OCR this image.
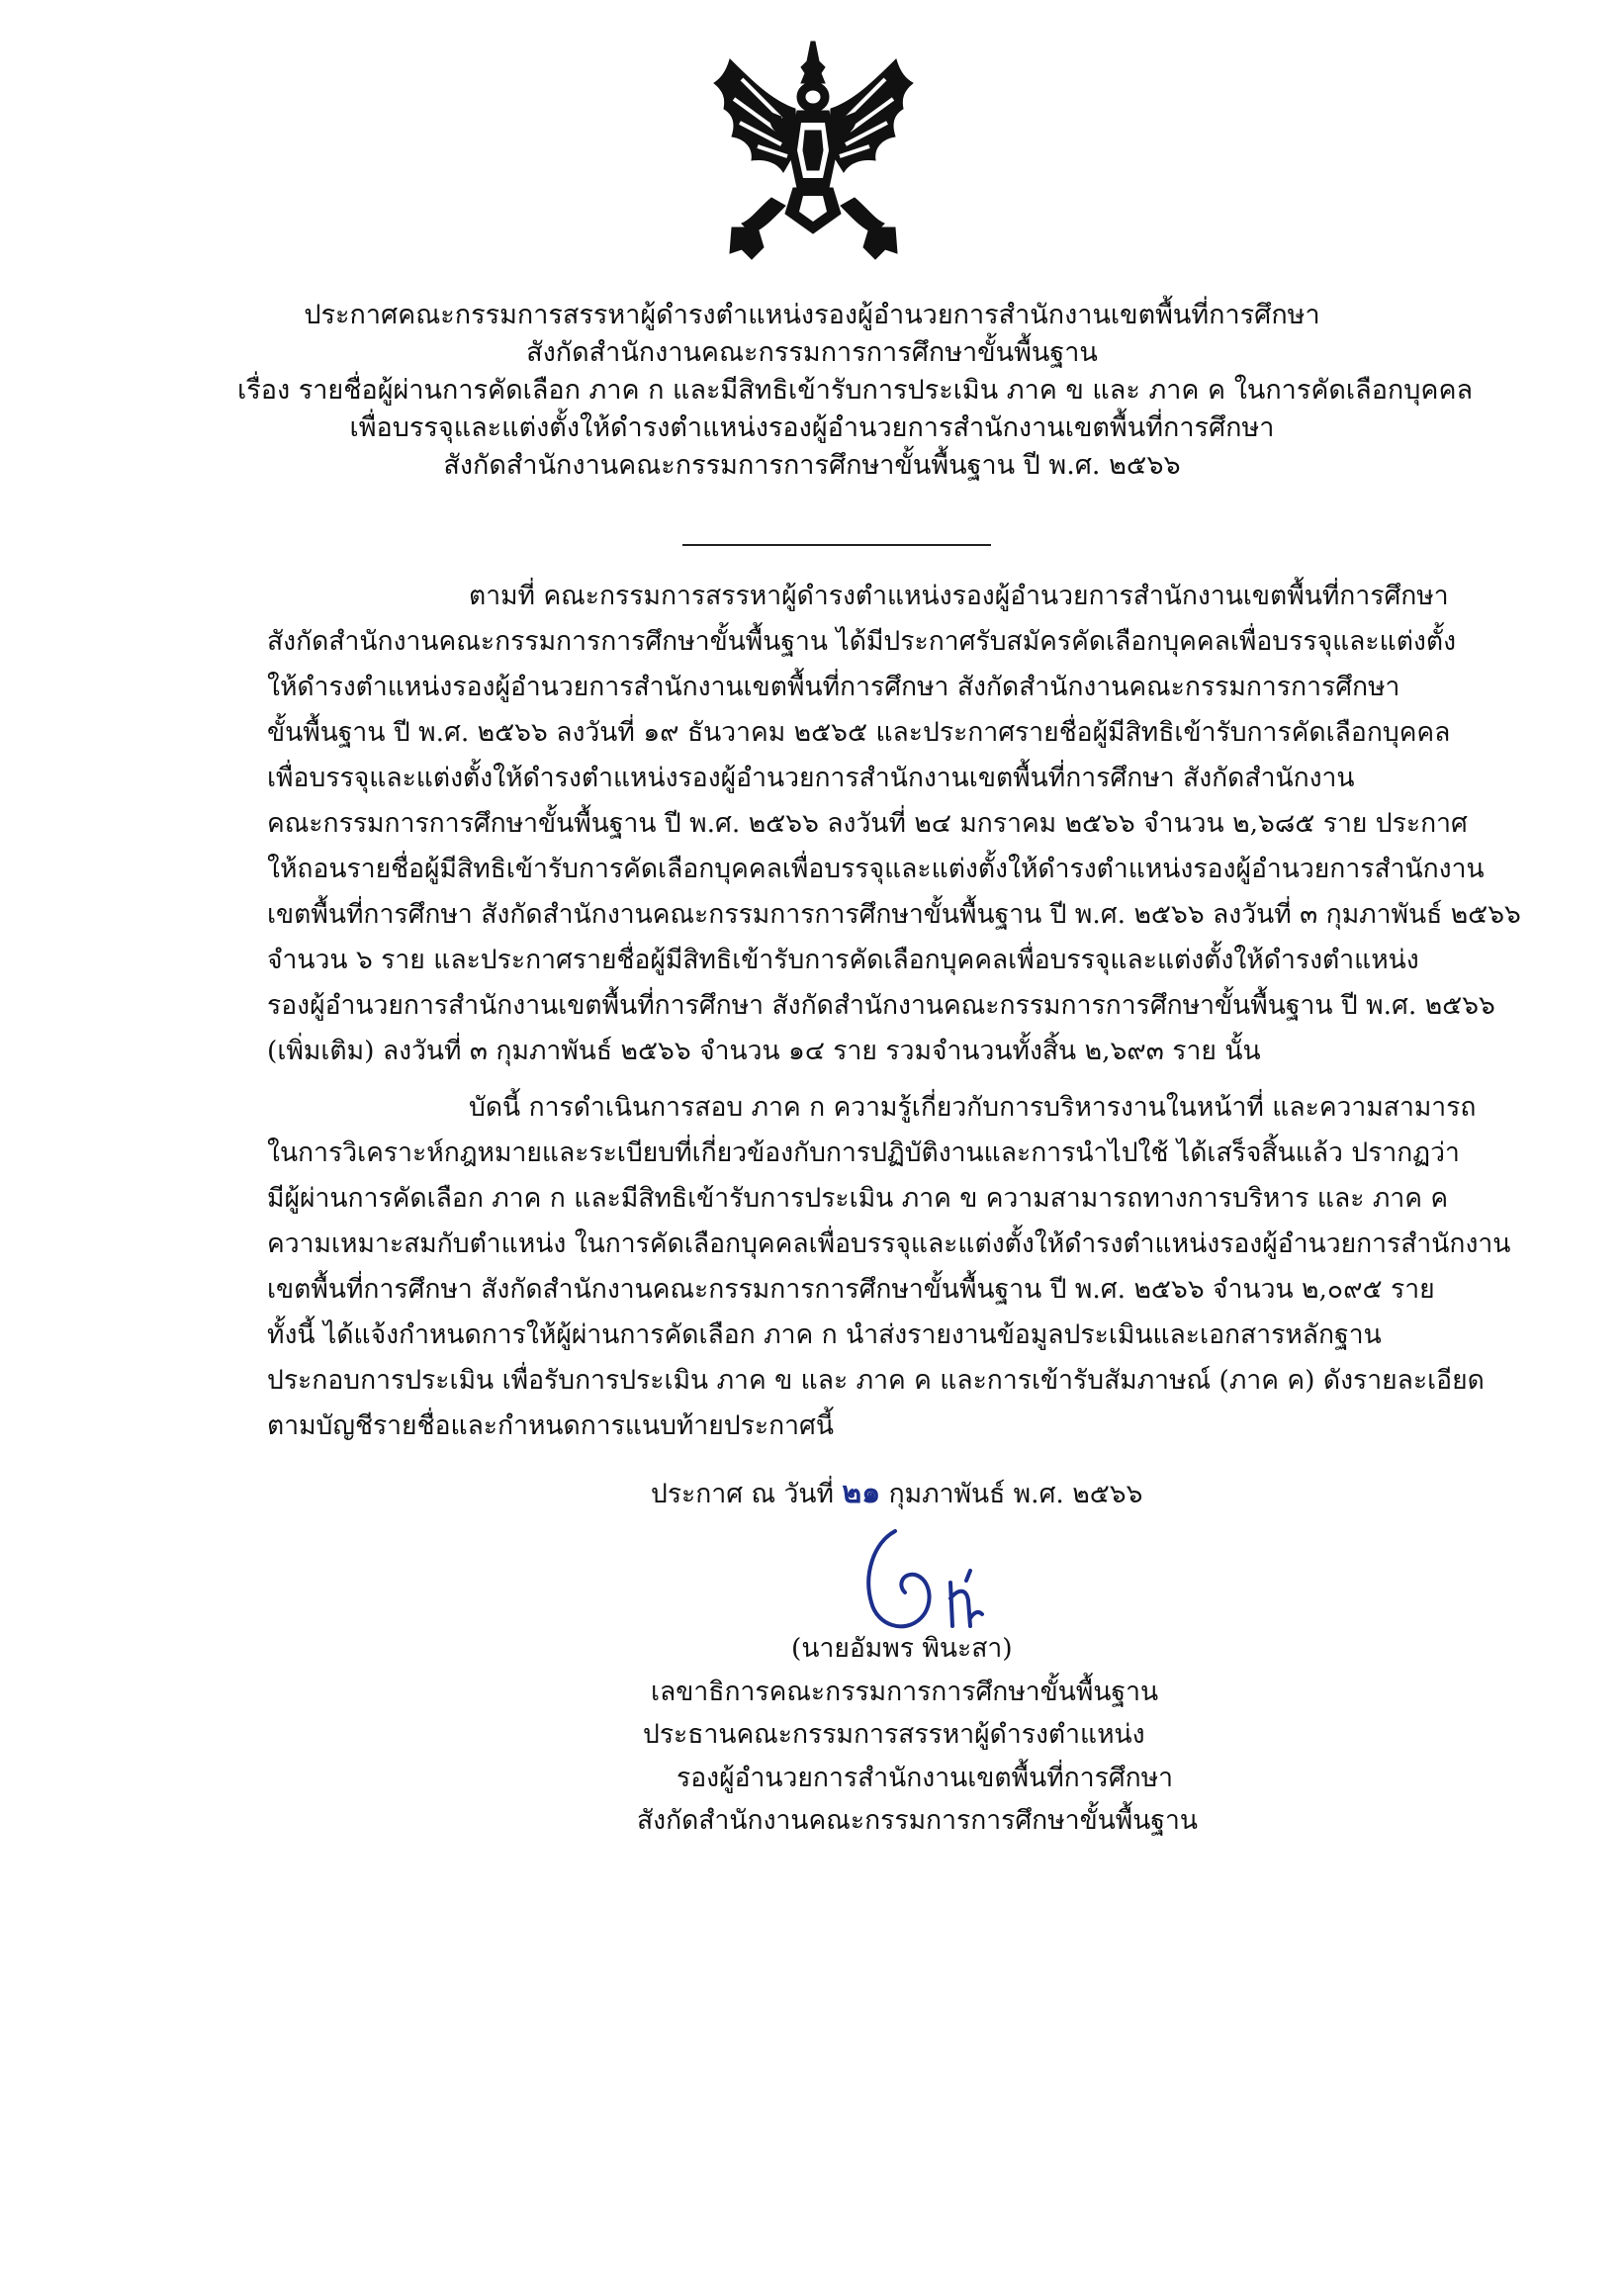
ประกาศคณะกรรมการสรรหาผู้ดำรงตำแหน่งรองผู้อำนวยการสำนักงานเขตพื้นที่การศึกษา
สังกัดสำนักงานคณะกรรมการการศึกษาขั้นพื้นฐาน
เรื่อง รายชื่อผู้ผ่านการคัดเลือก ภาค ก และมีสิทธิเข้ารับการประเมิน ภาค ข และ ภาค ค ในการคัดเลือกบุคคล
เพื่อบรรจุและแต่งตั้งให้ดำรงตำแหน่งรองผู้อำนวยการสำนักงานเขตพื้นที่การศึกษา
สังกัดสำนักงานคณะกรรมการการศึกษาขั้นพื้นฐาน ปี พ.ศ. ๒๕๖๖
ตามที่ คณะกรรมการสรรหาผู้ดำรงตำแหน่งรองผู้อำนวยการสำนักงานเขตพื้นที่การศึกษา
สังกัดสำนักงานคณะกรรมการการศึกษาขั้นพื้นฐาน ได้มีประกาศรับสมัครคัดเลือกบุคคลเพื่อบรรจุและแต่งตั้ง
ให้ดำรงตำแหน่งรองผู้อำนวยการสำนักงานเขตพื้นที่การศึกษา สังกัดสำนักงานคณะกรรมการการศึกษา
ขั้นพื้นฐาน ปี พ.ศ. ๒๕๖๖ ลงวันที่ ๑๙ ธันวาคม ๒๕๖๕ และประกาศรายชื่อผู้มีสิทธิเข้ารับการคัดเลือกบุคคล
เพื่อบรรจุและแต่งตั้งให้ดำรงตำแหน่งรองผู้อำนวยการสำนักงานเขตพื้นที่การศึกษา สังกัดสำนักงาน
คณะกรรมการการศึกษาขั้นพื้นฐาน ปี พ.ศ. ๒๕๖๖ ลงวันที่ ๒๔ มกราคม ๒๕๖๖ จำนวน ๒,๖๘๕ ราย ประกาศ
ให้ถอนรายชื่อผู้มีสิทธิเข้ารับการคัดเลือกบุคคลเพื่อบรรจุและแต่งตั้งให้ดำรงตำแหน่งรองผู้อำนวยการสำนักงาน
เขตพื้นที่การศึกษา สังกัดสำนักงานคณะกรรมการการศึกษาขั้นพื้นฐาน ปี พ.ศ. ๒๕๖๖ ลงวันที่ ๓ กุมภาพันธ์ ๒๕๖๖
จำนวน ๖ ราย และประกาศรายชื่อผู้มีสิทธิเข้ารับการคัดเลือกบุคคลเพื่อบรรจุและแต่งตั้งให้ดำรงตำแหน่ง
รองผู้อำนวยการสำนักงานเขตพื้นที่การศึกษา สังกัดสำนักงานคณะกรรมการการศึกษาขั้นพื้นฐาน ปี พ.ศ. ๒๕๖๖
(เพิ่มเติม) ลงวันที่ ๓ กุมภาพันธ์ ๒๕๖๖ จำนวน ๑๔ ราย รวมจำนวนทั้งสิ้น ๒,๖๙๓ ราย นั้น
บัดนี้ การดำเนินการสอบ ภาค ก ความรู้เกี่ยวกับการบริหารงานในหน้าที่ และความสามารถ
ในการวิเคราะห์กฎหมายและระเบียบที่เกี่ยวข้องกับการปฏิบัติงานและการนำไปใช้ ได้เสร็จสิ้นแล้ว ปรากฏว่า
มีผู้ผ่านการคัดเลือก ภาค ก และมีสิทธิเข้ารับการประเมิน ภาค ข ความสามารถทางการบริหาร และ ภาค ค
ความเหมาะสมกับตำแหน่ง ในการคัดเลือกบุคคลเพื่อบรรจุและแต่งตั้งให้ดำรงตำแหน่งรองผู้อำนวยการสำนักงาน
เขตพื้นที่การศึกษา สังกัดสำนักงานคณะกรรมการการศึกษาขั้นพื้นฐาน ปี พ.ศ. ๒๕๖๖ จำนวน ๒,๐๙๕ ราย
ทั้งนี้ ได้แจ้งกำหนดการให้ผู้ผ่านการคัดเลือก ภาค ก นำส่งรายงานข้อมูลประเมินและเอกสารหลักฐาน
ประกอบการประเมิน เพื่อรับการประเมิน ภาค ข และ ภาค ค และการเข้ารับสัมภาษณ์ (ภาค ค) ดังรายละเอียด
ตามบัญชีรายชื่อและกำหนดการแนบท้ายประกาศนี้
ประกาศ ณ วันที่ ๒๑ กุมภาพันธ์ พ.ศ. ๒๕๖๖
(นายอัมพร พินะสา)
เลขาธิการคณะกรรมการการศึกษาขั้นพื้นฐาน
ประธานคณะกรรมการสรรหาผู้ดำรงตำแหน่ง
รองผู้อำนวยการสำนักงานเขตพื้นที่การศึกษา
สังกัดสำนักงานคณะกรรมการการศึกษาขั้นพื้นฐาน
